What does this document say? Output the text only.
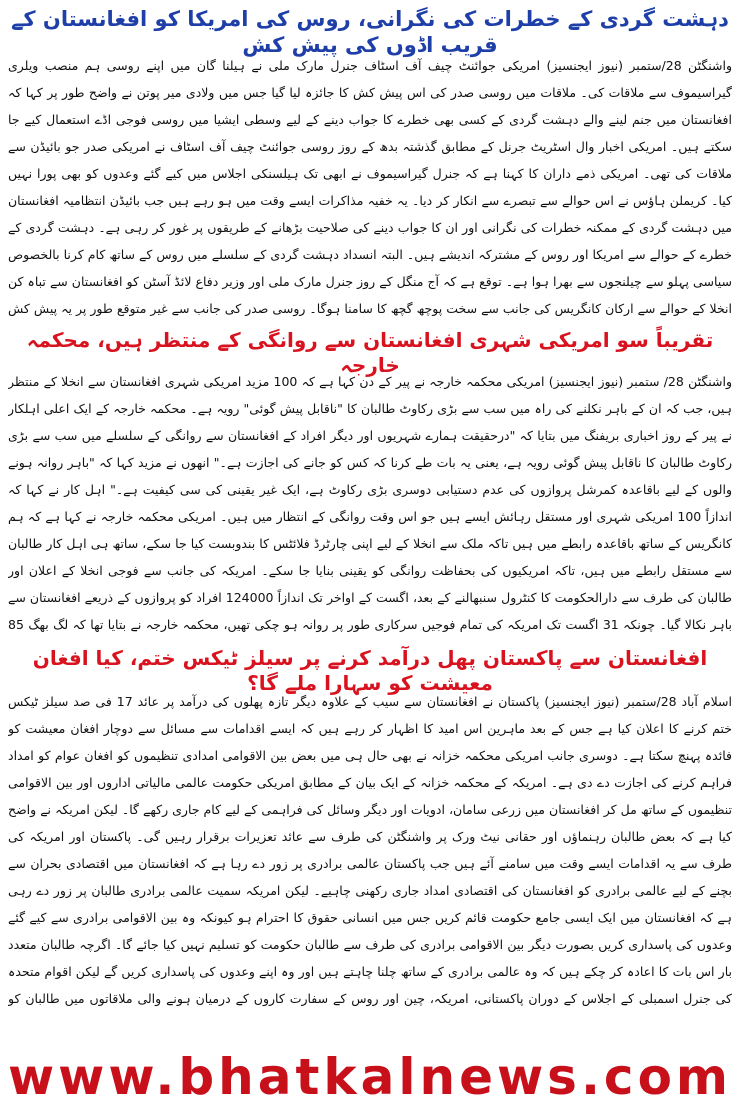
دہشت گردی کے خطرات کی نگرانی، روس کی امریکا کو افغانستان کے قریب اڈوں کی پیش کش

واشنگٹن 28/ستمبر (نیوز ایجنسیز) امریکی جوائنٹ چیف آف اسٹاف جنرل مارک ملی نے ہیلنا گان میں اپنے روسی ہم منصب ویلری گیراسیموف سے ملاقات کی۔ ملاقات میں روسی صدر کی اس پیش کش کا جائزہ لیا گیا جس میں ولادی میر پوتن نے واضح طور پر کہا کہ افغانستان میں جنم لینے والے دہشت گردی کے کسی بھی خطرے کا جواب دینے کے لیے وسطی ایشیا میں روسی فوجی اڈے استعمال کیے جا سکتے ہیں۔ امریکی اخبار وال اسٹریٹ جرنل کے مطابق گذشتہ بدھ کے روز روسی جوائنٹ چیف آف اسٹاف نے امریکی صدر جو بائیڈن سے ملاقات کی تھی۔ امریکی ذمے داران کا کہنا ہے کہ جنرل گیراسیموف نے ابھی تک ہیلسنکی اجلاس میں کیے گئے وعدوں کو بھی پورا نہیں کیا۔ کریملن ہاؤس نے اس حوالے سے تبصرے سے انکار کر دیا۔ یہ خفیہ مذاکرات ایسے وقت میں ہو رہے ہیں جب بائیڈن انتظامیہ افغانستان میں دہشت گردی کے ممکنہ خطرات کی نگرانی اور ان کا جواب دینے کی صلاحیت بڑھانے کے طریقوں پر غور کر رہی ہے۔ دہشت گردی کے خطرے کے حوالے سے امریکا اور روس کے مشترکہ اندیشے ہیں۔ البتہ انسداد دہشت گردی کے سلسلے میں روس کے ساتھ کام کرنا بالخصوص سیاسی پہلو سے چیلنجوں سے بھرا ہوا ہے۔ توقع ہے کہ آج منگل کے روز جنرل مارک ملی اور وزیر دفاع لائڈ آسٹن کو افغانستان سے تباہ کن انخلا کے حوالے سے ارکان کانگریس کی جانب سے سخت پوچھ گچھ کا سامنا ہوگا۔ روسی صدر کی جانب سے غیر متوقع طور پر یہ پیش کش

تقریباً سو امریکی شہری افغانستان سے روانگی کے منتظر ہیں، محکمہ خارجہ

واشنگٹن 28/ ستمبر (نیوز ایجنسیز) امریکی محکمہ خارجہ نے پیر کے دن کہا ہے کہ 100 مزید امریکی شہری افغانستان سے انخلا کے منتظر ہیں، جب کہ ان کے باہر نکلنے کی راہ میں سب سے بڑی رکاوٹ طالبان کا "ناقابل پیش گوئی" رویہ ہے۔ محکمہ خارجہ کے ایک اعلی اہلکار نے پیر کے روز اخباری بریفنگ میں بتایا کہ "درحقیقت ہمارے شہریوں اور دیگر افراد کے افغانستان سے روانگی کے سلسلے میں سب سے بڑی رکاوٹ طالبان کا ناقابل پیش گوئی رویہ ہے، یعنی یہ بات طے کرنا کہ کس کو جانے کی اجازت ہے۔" انھوں نے مزید کہا کہ "باہر روانہ ہونے والوں کے لیے باقاعدہ کمرشل پروازوں کی عدم دستیابی دوسری بڑی رکاوٹ ہے، ایک غیر یقینی کی سی کیفیت ہے۔" اہل کار نے کہا کہ اندازاً 100 امریکی شہری اور مستقل رہائش ایسے ہیں جو اس وقت روانگی کے انتظار میں ہیں۔ امریکی محکمہ خارجہ نے کہا ہے کہ ہم کانگریس کے ساتھ باقاعدہ رابطے میں ہیں تاکہ ملک سے انخلا کے لیے اپنی چارٹرڈ فلائٹس کا بندوبست کیا جا سکے، ساتھ ہی اہل کار طالبان سے مستقل رابطے میں ہیں، تاکہ امریکیوں کی بحفاظت روانگی کو یقینی بنایا جا سکے۔ امریکہ کی جانب سے فوجی انخلا کے اعلان اور طالبان کی طرف سے دارالحکومت کا کنٹرول سنبھالنے کے بعد، اگست کے اواخر تک اندازاً 124000 افراد کو پروازوں کے ذریعے افغانستان سے باہر نکالا گیا۔ چونکہ 31 اگست تک امریکہ کی تمام فوجیں سرکاری طور پر روانہ ہو چکی تھیں، محکمہ خارجہ نے بتایا تھا کہ لگ بھگ 85

افغانستان سے پاکستان پھل درآمد کرنے پر سیلز ٹیکس ختم، کیا افغان معیشت کو سہارا ملے گا؟

اسلام آباد 28/ستمبر (نیوز ایجنسیز) پاکستان نے افغانستان سے سیب کے علاوہ دیگر تازہ پھلوں کی درآمد پر عائد 17 فی صد سیلز ٹیکس ختم کرنے کا اعلان کیا ہے جس کے بعد ماہرین اس امید کا اظہار کر رہے ہیں کہ ایسے اقدامات سے مسائل سے دوچار افغان معیشت کو فائدہ پہنچ سکتا ہے۔ دوسری جانب امریکی محکمہ خزانہ نے بھی حال ہی میں بعض بین الاقوامی امدادی تنظیموں کو افغان عوام کو امداد فراہم کرنے کی اجازت دے دی ہے۔ امریکہ کے محکمہ خزانہ کے ایک بیان کے مطابق امریکی حکومت عالمی مالیاتی اداروں اور بین الاقوامی تنظیموں کے ساتھ مل کر افغانستان میں زرعی سامان، ادویات اور دیگر وسائل کی فراہمی کے لیے کام جاری رکھے گا۔ لیکن امریکہ نے واضح کیا ہے کہ بعض طالبان رہنماؤں اور حقانی نیٹ ورک پر واشنگٹن کی طرف سے عائد تعزیرات برقرار رہیں گی۔ پاکستان اور امریکہ کی طرف سے یہ اقدامات ایسے وقت میں سامنے آئے ہیں جب پاکستان عالمی برادری پر زور دے رہا ہے کہ افغانستان میں اقتصادی بحران سے بچنے کے لیے عالمی برادری کو افغانستان کی اقتصادی امداد جاری رکھنی چاہیے۔ لیکن امریکہ سمیت عالمی برادری طالبان پر زور دے رہی ہے کہ افغانستان میں ایک ایسی جامع حکومت قائم کریں جس میں انسانی حقوق کا احترام ہو کیونکہ وہ بین الاقوامی برادری سے کیے گئے وعدوں کی پاسداری کریں بصورت دیگر بین الاقوامی برادری کی طرف سے طالبان حکومت کو تسلیم نہیں کیا جائے گا۔ اگرچہ طالبان متعدد بار اس بات کا اعادہ کر چکے ہیں کہ وہ عالمی برادری کے ساتھ چلنا چاہتے ہیں اور وہ اپنے وعدوں کی پاسداری کریں گے لیکن اقوام متحدہ کی جنرل اسمبلی کے اجلاس کے دوران پاکستانی، امریکہ، چین اور روس کے سفارت کاروں کے درمیان ہونے والی ملاقاتوں میں طالبان کو

www.bhatkalnews.com
